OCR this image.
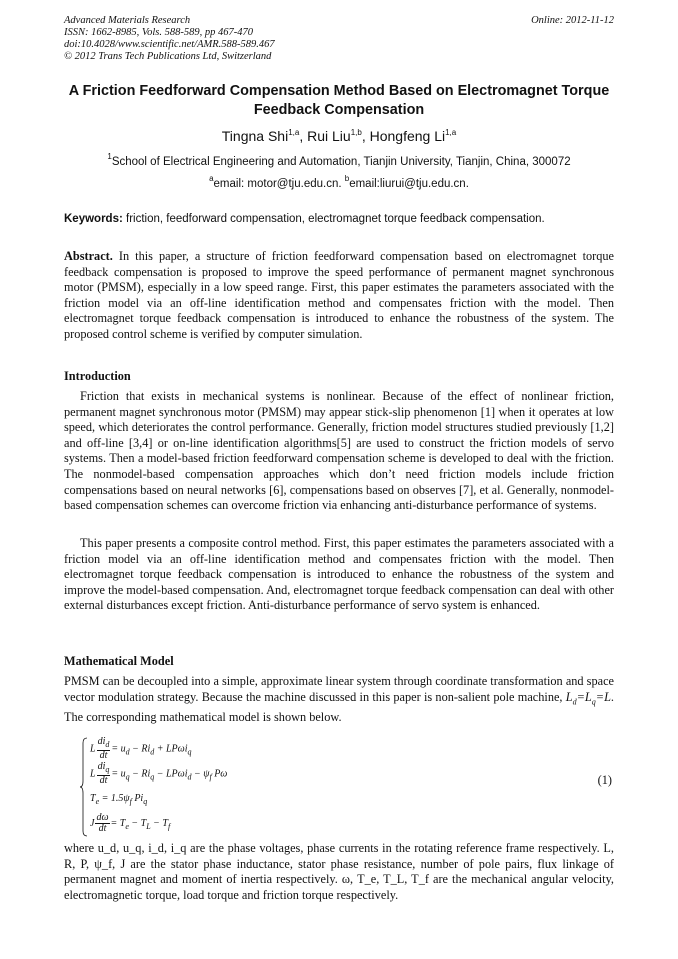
Advanced Materials Research
ISSN: 1662-8985, Vols. 588-589, pp 467-470
doi:10.4028/www.scientific.net/AMR.588-589.467
© 2012 Trans Tech Publications Ltd, Switzerland
Online: 2012-11-12
A Friction Feedforward Compensation Method Based on Electromagnet Torque Feedback Compensation
Tingna Shi$^{1,a}$, Rui Liu$^{1,b}$, Hongfeng Li$^{1,a}$
$^1$School of Electrical Engineering and Automation, Tianjin University, Tianjin, China, 300072
$^a$email: motor@tju.edu.cn. $^b$email:liurui@tju.edu.cn.
Keywords: friction, feedforward compensation, electromagnet torque feedback compensation.

Abstract. In this paper, a structure of friction feedforward compensation based on electromagnet torque feedback compensation is proposed to improve the speed performance of permanent magnet synchronous motor (PMSM), especially in a low speed range. First, this paper estimates the parameters associated with the friction model via an off-line identification method and compensates friction with the model. Then electromagnet torque feedback compensation is introduced to enhance the robustness of the system. The proposed control scheme is verified by computer simulation.

Introduction

Friction that exists in mechanical systems is nonlinear. Because of the effect of nonlinear friction, permanent magnet synchronous motor (PMSM) may appear stick-slip phenomenon [1] when it operates at low speed, which deteriorates the control performance. Generally, friction model structures studied previously [1,2] and off-line [3,4] or on-line identification algorithms[5] are used to construct the friction models of servo systems. Then a model-based friction feedforward compensation scheme is developed to deal with the friction. The nonmodel-based compensation approaches which don’t need friction models include friction compensations based on neural networks [6], compensations based on observes [7], et al. Generally, nonmodel-based compensation schemes can overcome friction via enhancing anti-disturbance performance of systems.

This paper presents a composite control method. First, this paper estimates the parameters associated with a friction model via an off-line identification method and compensates friction with the model. Then electromagnet torque feedback compensation is introduced to enhance the robustness of the system and improve the model-based compensation. And, electromagnet torque feedback compensation can deal with other external disturbances except friction. Anti-disturbance performance of servo system is enhanced.

Mathematical Model

PMSM can be decoupled into a simple, approximate linear system through coordinate transformation and space vector modulation strategy. Because the machine discussed in this paper is non-salient pole machine, $L_d=L_q=L$. The corresponding mathematical model is shown below.

L $\frac{di_d}{dt} = u_d - Ri_d + LP\omega i_q$
L $\frac{di_q}{dt} = u_q - Ri_q - LP\omega i_d - \psi_f$ Pω
$T_e = 1.5\psi_f$ $Pi_q$
J $\frac{d\omega}{dt} = T_e - T_L - T_f$
(1)

where u_d, u_q, i_d, i_q are the phase voltages, phase currents in the rotating reference frame respectively. L, R, P, ψ_f, J are the stator phase inductance, stator phase resistance, number of pole pairs, flux linkage of permanent magnet and moment of inertia respectively. ω, T_e, T_L, T_f are the mechanical angular velocity, electromagnetic torque, load torque and friction torque respectively.
